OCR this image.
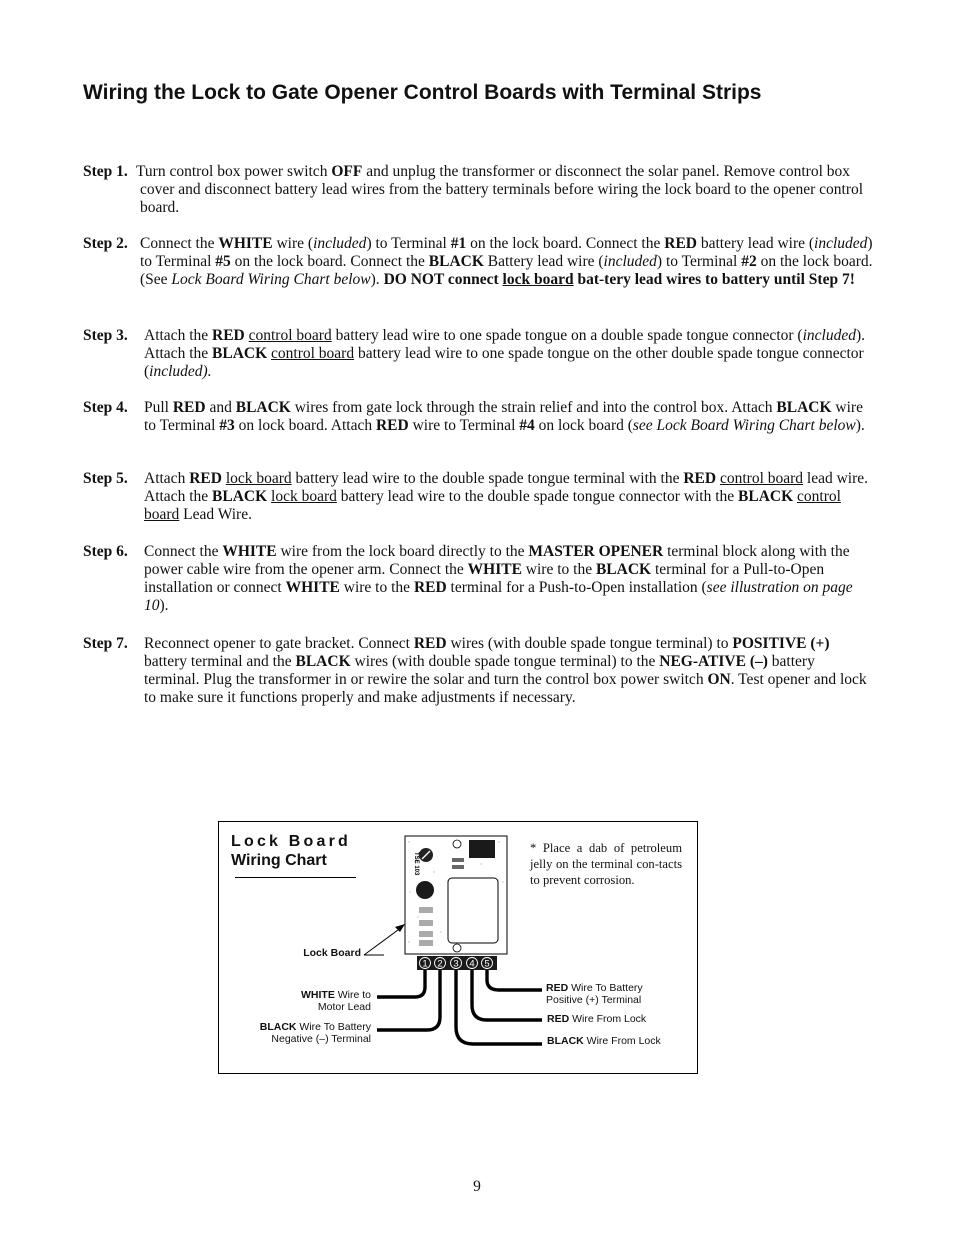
Wiring the Lock to Gate Opener Control Boards with Terminal Strips
Step 1. Turn control box power switch OFF and unplug the transformer or disconnect the solar panel. Remove control box cover and disconnect battery lead wires from the battery terminals before wiring the lock board to the opener control board.
Step 2. Connect the WHITE wire (included) to Terminal #1 on the lock board. Connect the RED battery lead wire (included) to Terminal #5 on the lock board. Connect the BLACK Battery lead wire (included) to Terminal #2 on the lock board. (See Lock Board Wiring Chart below). DO NOT connect lock board bat-tery lead wires to battery until Step 7!
Step 3. Attach the RED control board battery lead wire to one spade tongue on a double spade tongue connector (included). Attach the BLACK control board battery lead wire to one spade tongue on the other double spade tongue connector (included).
Step 4. Pull RED and BLACK wires from gate lock through the strain relief and into the control box. Attach BLACK wire to Terminal #3 on lock board. Attach RED wire to Terminal #4 on lock board (see Lock Board Wiring Chart below).
Step 5. Attach RED lock board battery lead wire to the double spade tongue terminal with the RED control board lead wire. Attach the BLACK lock board battery lead wire to the double spade tongue connector with the BLACK control board Lead Wire.
Step 6. Connect the WHITE wire from the lock board directly to the MASTER OPENER terminal block along with the power cable wire from the opener arm. Connect the WHITE wire to the BLACK terminal for a Pull-to-Open installation or connect WHITE wire to the RED terminal for a Push-to-Open installation (see illustration on page 10).
Step 7. Reconnect opener to gate bracket. Connect RED wires (with double spade tongue terminal) to POSITIVE (+) battery terminal and the BLACK wires (with double spade tongue terminal) to the NEG-ATIVE (–) battery terminal. Plug the transformer in or rewire the solar and turn the control box power switch ON. Test opener and lock to make sure it functions properly and make adjustments if necessary.
Lock Board
Wiring Chart
* Place a dab of petroleum jelly on the terminal con-tacts to prevent corrosion.
TSE 103
1 2 3 4 5
Lock Board
WHITE Wire to
Motor Lead
BLACK Wire To Battery
Negative (–) Terminal
RED Wire To Battery
Positive (+) Terminal
RED Wire From Lock
BLACK Wire From Lock
9
